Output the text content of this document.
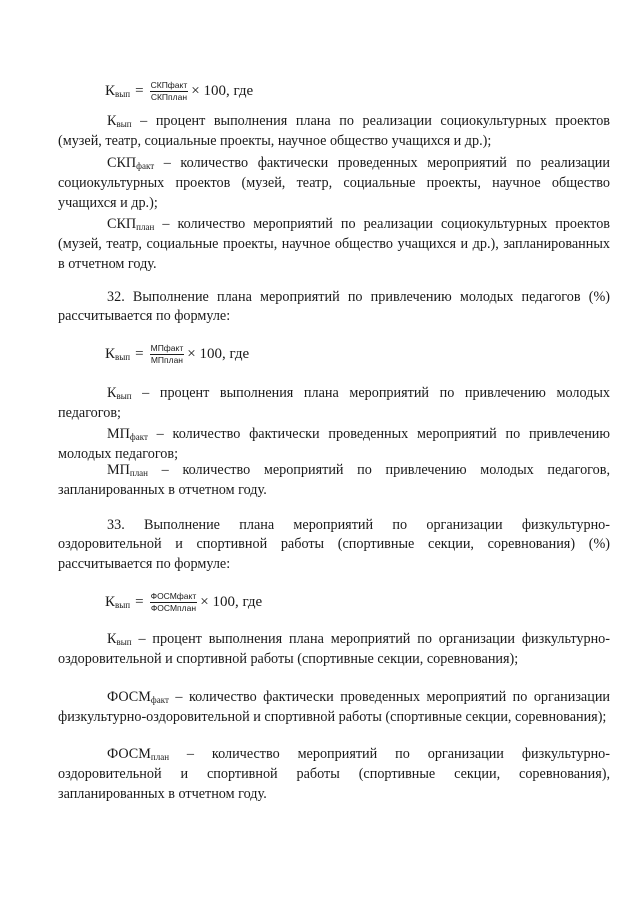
К вып = $\frac{\text{СКПфакт}}{\text{СКПплан}} \times 100$, где

Квып – процент выполнения плана по реализации социокультурных проектов (музей, театр, социальные проекты, научное общество учащихся и др.);

СКПфакт – количество фактически проведенных мероприятий по реализации социокультурных проектов (музей, театр, социальные проекты, научное общество учащихся и др.);

СКПплан – количество мероприятий по реализации социокультурных проектов (музей, театр, социальные проекты, научное общество учащихся и др.), запланированных в отчетном году.

32. Выполнение плана мероприятий по привлечению молодых педагогов (%) рассчитывается по формуле:

К вып = $\frac{\text{МПфакт}}{\text{МПплан}} \times 100$, где

Квып – процент выполнения плана мероприятий по привлечению молодых педагогов;

МПфакт – количество фактически проведенных мероприятий по привлечению молодых педагогов;

МПплан – количество мероприятий по привлечению молодых педагогов, запланированных в отчетном году.

33. Выполнение плана мероприятий по организации физкультурно-оздоровительной и спортивной работы (спортивные секции, соревнования) (%) рассчитывается по формуле:

К вып = $\frac{\text{ФОСМфакт}}{\text{ФОСМплан}} \times 100$, где

Квып – процент выполнения плана мероприятий по организации физкультурно-оздоровительной и спортивной работы (спортивные секции, соревнования);

ФОСМфакт – количество фактически проведенных мероприятий по организации физкультурно-оздоровительной и спортивной работы (спортивные секции, соревнования);

ФОСМплан – количество мероприятий по организации физкультурно-оздоровительной и спортивной работы (спортивные секции, соревнования), запланированных в отчетном году.
